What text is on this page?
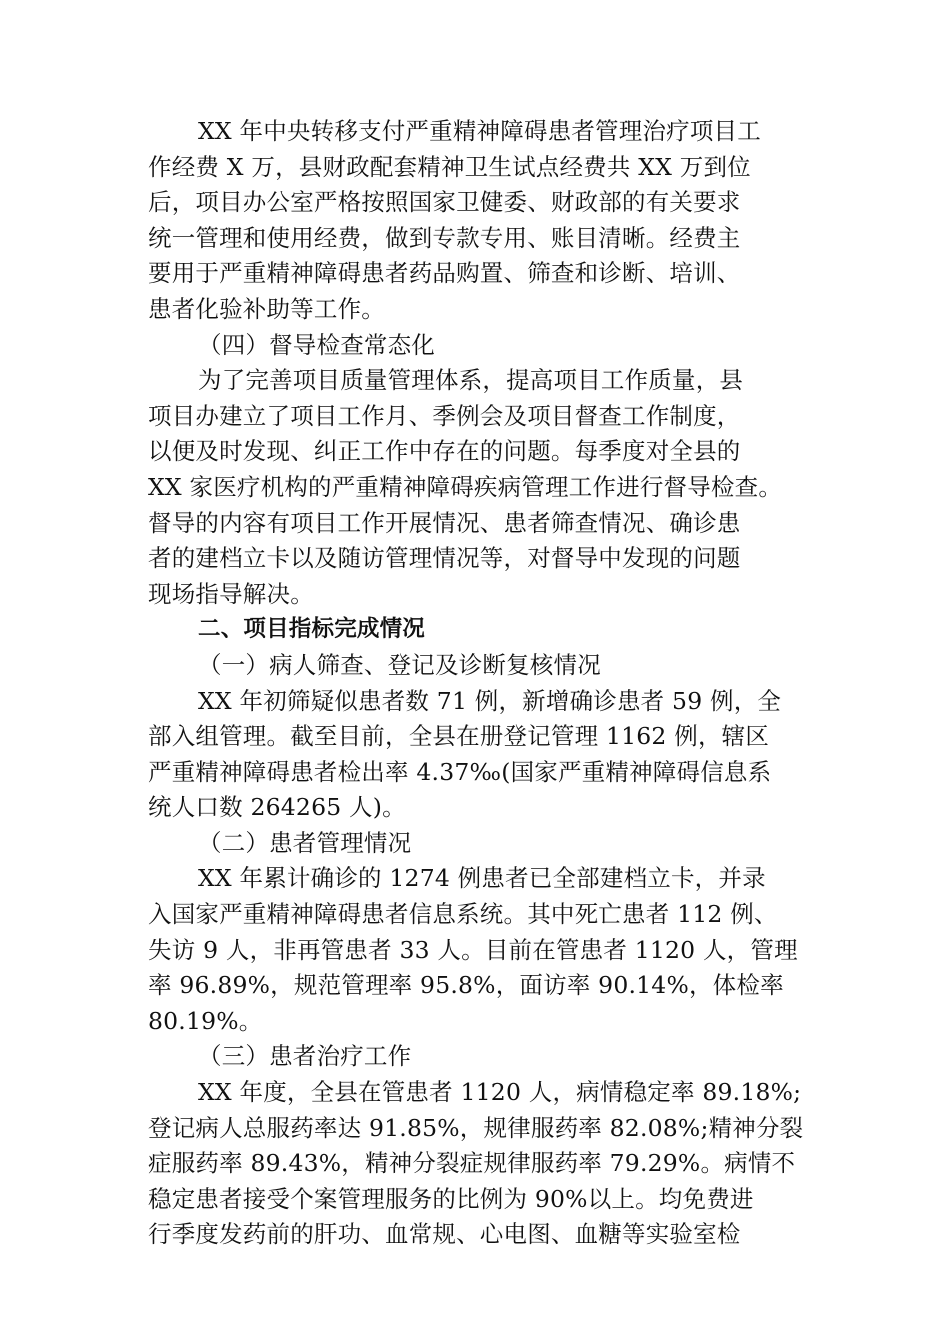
XX 年中央转移支付严重精神障碍患者管理治疗项目工
作经费 X 万，县财政配套精神卫生试点经费共 XX 万到位
后，项目办公室严格按照国家卫健委、财政部的有关要求
统一管理和使用经费，做到专款专用、账目清晰。经费主
要用于严重精神障碍患者药品购置、筛查和诊断、培训、
患者化验补助等工作。
（四）督导检查常态化
为了完善项目质量管理体系，提高项目工作质量，县
项目办建立了项目工作月、季例会及项目督查工作制度，
以便及时发现、纠正工作中存在的问题。每季度对全县的
XX 家医疗机构的严重精神障碍疾病管理工作进行督导检查。
督导的内容有项目工作开展情况、患者筛查情况、确诊患
者的建档立卡以及随访管理情况等，对督导中发现的问题
现场指导解决。
二、项目指标完成情况
（一）病人筛查、登记及诊断复核情况
XX 年初筛疑似患者数 71 例，新增确诊患者 59 例，全
部入组管理。截至目前，全县在册登记管理 1162 例，辖区
严重精神障碍患者检出率 4.37‰(国家严重精神障碍信息系
统人口数 264265 人)。
（二）患者管理情况
XX 年累计确诊的 1274 例患者已全部建档立卡，并录
入国家严重精神障碍患者信息系统。其中死亡患者 112 例、
失访 9 人，非再管患者 33 人。目前在管患者 1120 人，管理
率 96.89%，规范管理率 95.8%，面访率 90.14%，体检率
80.19%。
（三）患者治疗工作
XX 年度，全县在管患者 1120 人，病情稳定率 89.18%;
登记病人总服药率达 91.85%，规律服药率 82.08%;精神分裂
症服药率 89.43%，精神分裂症规律服药率 79.29%。病情不
稳定患者接受个案管理服务的比例为 90%以上。均免费进
行季度发药前的肝功、血常规、心电图、血糖等实验室检
